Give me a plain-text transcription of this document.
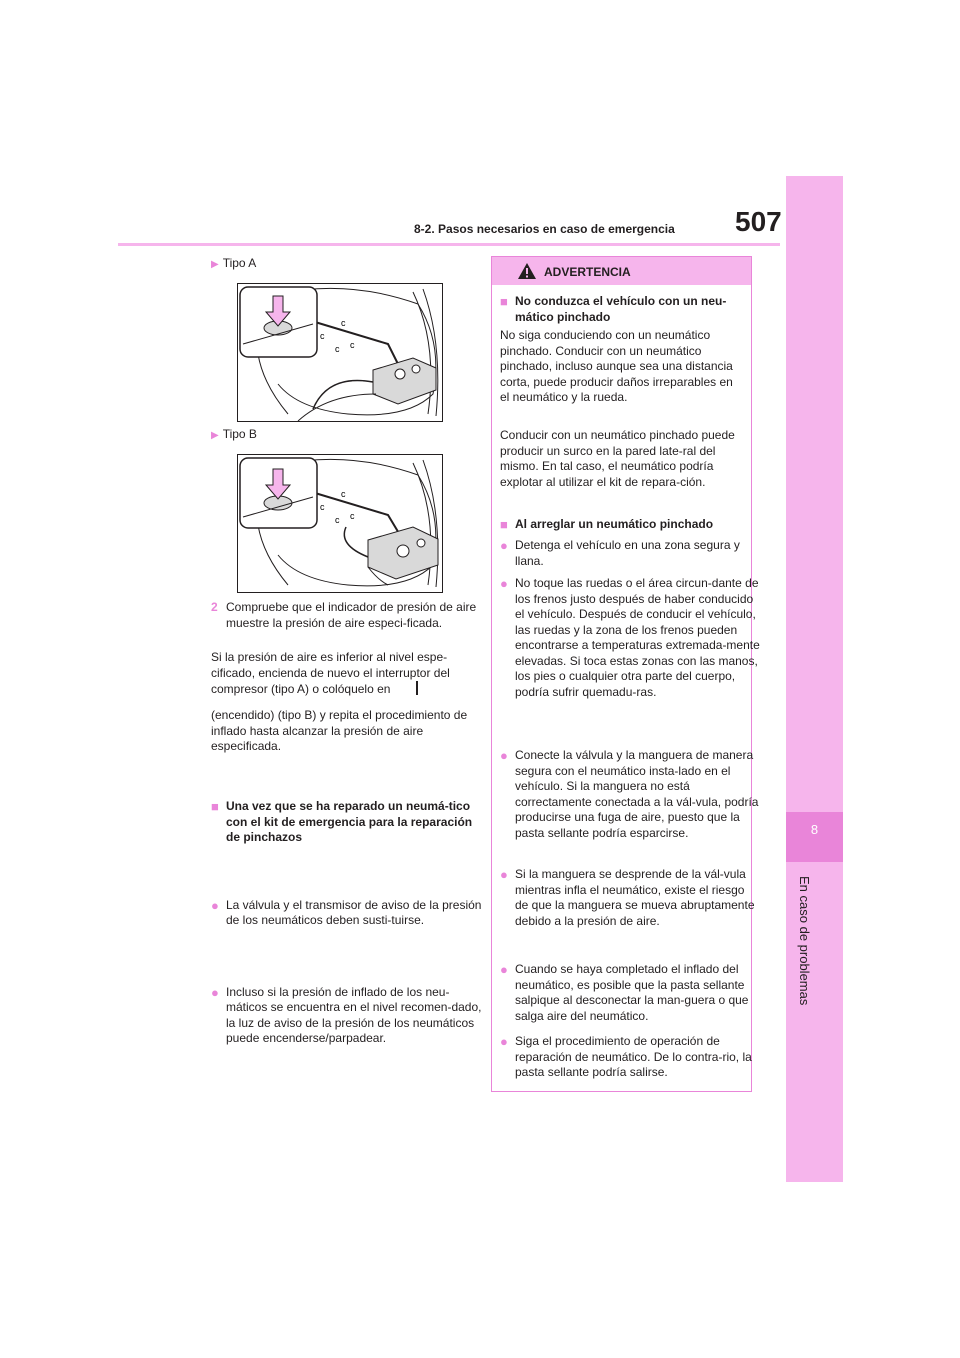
8
En caso de problemas
8-2. Pasos necesarios en caso de emergencia 507
▶ Tipo A
c
c
c c
▶ Tipo B
c
c
c c
2 Compruebe que el indicador de presión de aire muestre la presión de aire especi-ficada.
Si la presión de aire es inferior al nivel espe-cificado, encienda de nuevo el interruptor del compresor (tipo A) o colóquelo en
(encendido) (tipo B) y repita el procedimiento de inflado hasta alcanzar la presión de aire especificada.
■ Una vez que se ha reparado un neumá-tico con el kit de emergencia para la reparación de pinchazos
● La válvula y el transmisor de aviso de la presión de los neumáticos deben susti-tuirse.
● Incluso si la presión de inflado de los neu-máticos se encuentra en el nivel recomen-dado, la luz de aviso de la presión de los neumáticos puede encenderse/parpadear.
ADVERTENCIA
■ No conduzca el vehículo con un neu-mático pinchado
No siga conduciendo con un neumático pinchado. Conducir con un neumático pinchado, incluso aunque sea una distancia corta, puede producir daños irreparables en el neumático y la rueda.
Conducir con un neumático pinchado puede producir un surco en la pared late-ral del mismo. En tal caso, el neumático podría explotar al utilizar el kit de repara-ción.
■ Al arreglar un neumático pinchado
● Detenga el vehículo en una zona segura y llana.
● No toque las ruedas o el área circun-dante de los frenos justo después de haber conducido el vehículo. Después de conducir el vehículo, las ruedas y la zona de los frenos pueden encontrarse a temperaturas extremada-mente elevadas. Si toca estas zonas con las manos, los pies o cualquier otra parte del cuerpo, podría sufrir quemadu-ras.
● Conecte la válvula y la manguera de manera segura con el neumático insta-lado en el vehículo. Si la manguera no está correctamente conectada a la vál-vula, podría producirse una fuga de aire, puesto que la pasta sellante podría esparcirse.
● Si la manguera se desprende de la vál-vula mientras infla el neumático, existe el riesgo de que la manguera se mueva abruptamente debido a la presión de aire.
● Cuando se haya completado el inflado del neumático, es posible que la pasta sellante salpique al desconectar la man-guera o que salga aire del neumático.
● Siga el procedimiento de operación de reparación de neumático. De lo contra-rio, la pasta sellante podría salirse.
